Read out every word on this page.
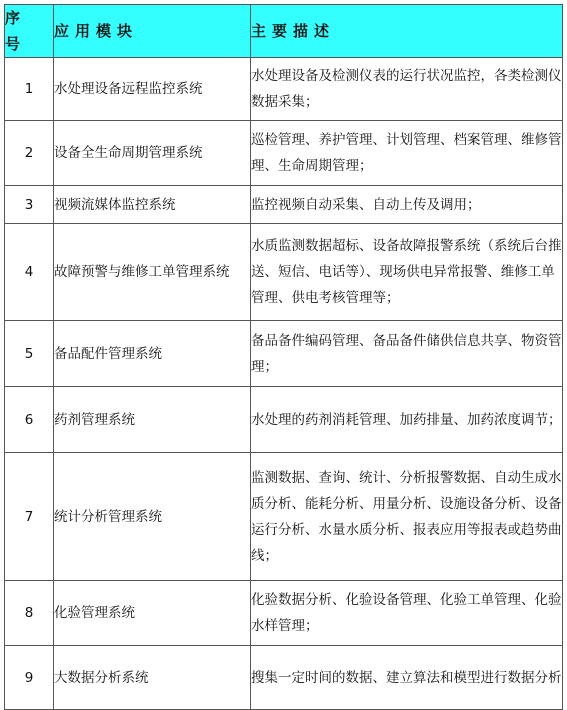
序 号	应用模块	主要描述
1	水处理设备远程监控系统	水处理设备及检测仪表的运行状况监控，各类检测仪数据采集；
2	设备全生命周期管理系统	巡检管理、养护管理、计划管理、档案管理、维修管理、生命周期管理；
3	视频流媒体监控系统	监控视频自动采集、自动上传及调用；
4	故障预警与维修工单管理系统	水质监测数据超标、设备故障报警系统（系统后台推送、短信、电话等）、现场供电异常报警、维修工单管理、供电考核管理等；
5	备品配件管理系统	备品备件编码管理、备品备件储供信息共享、物资管理；
6	药剂管理系统	水处理的药剂消耗管理、加药排量、加药浓度调节；
7	统计分析管理系统	监测数据、查询、统计、分析报警数据、自动生成水质分析、能耗分析、用量分析、设施设备分析、设备运行分析、水量水质分析、报表应用等报表或趋势曲线；
8	化验管理系统	化验数据分析、化验设备管理、化验工单管理、化验水样管理；
9	大数据分析系统	搜集一定时间的数据、建立算法和模型进行数据分析
